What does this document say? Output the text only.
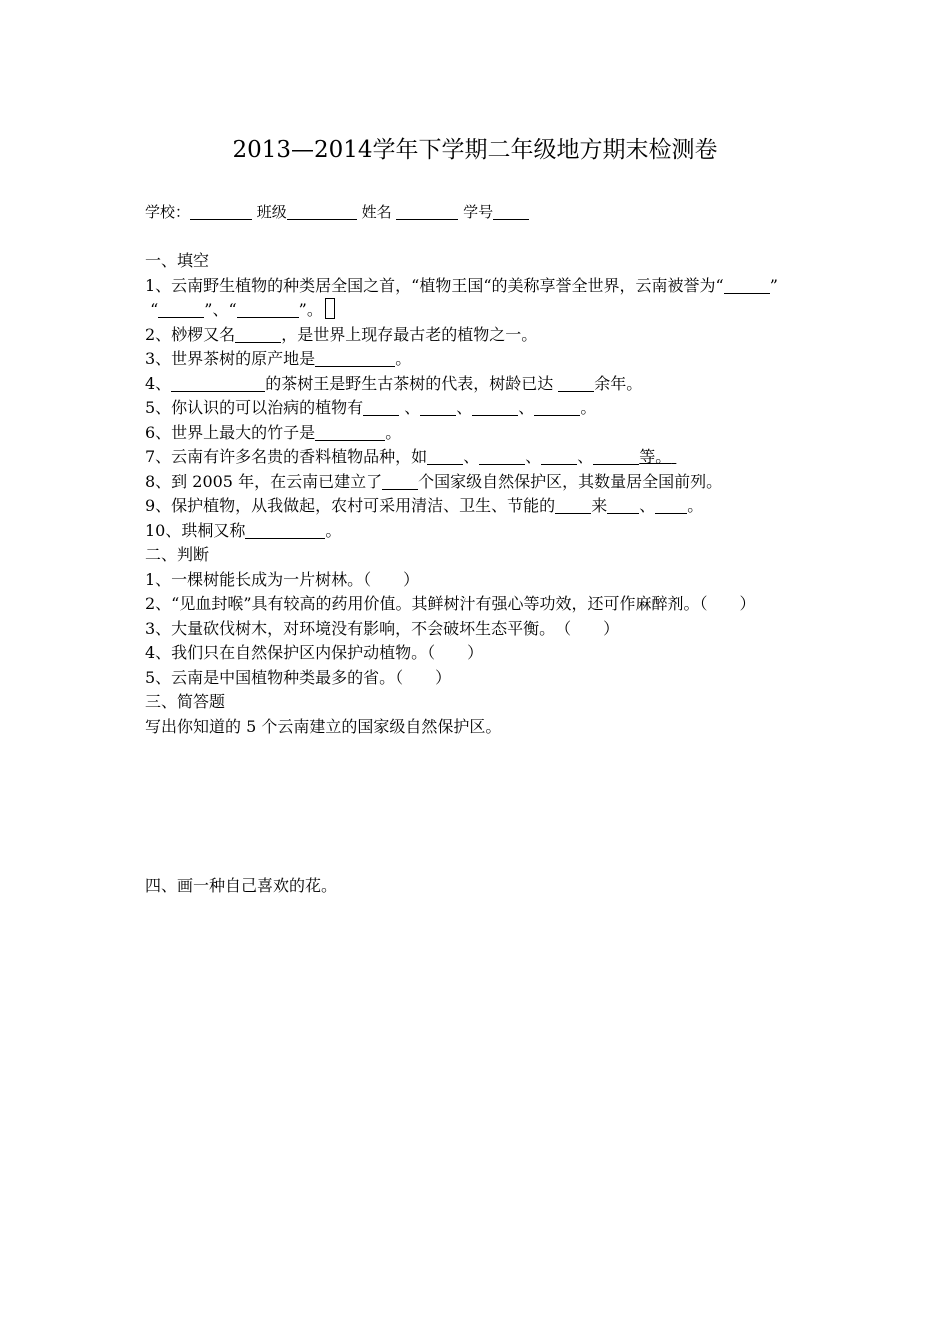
2013—2014学年下学期二年级地方期末检测卷
学校：	班级	姓名	学号
一、填空
1、云南野生植物的种类居全国之首，“植物王国“的美称享誉全世界，云南被誉为“	”
“	”、“	”。
2、桫椤又名	，是世界上现存最古老的植物之一。
3、世界茶树的原产地是	。
4、	的茶树王是野生古茶树的代表，树龄已达 余年。
5、你认识的可以治病的植物有 、 、	、	。
6、世界上最大的竹子是	。
7、云南有许多名贵的香料植物品种，如 、	、 、	等。
8、到 2005 年，在云南已建立了 个国家级自然保护区，其数量居全国前列。
9、保护植物，从我做起，农村可采用清洁、卫生、节能的 来 、 。
10、珙桐又称	。
二、判断
1、一棵树能长成为一片树林。（　　）
2、“见血封喉”具有较高的药用价值。其鲜树汁有强心等功效，还可作麻醉剂。（　　）
3、大量砍伐树木，对环境没有影响，不会破坏生态平衡。　（　　）
4、我们只在自然保护区内保护动植物。（　　）
5、云南是中国植物种类最多的省。（　　）
三、简答题
写出你知道的 5 个云南建立的国家级自然保护区。
四、画一种自己喜欢的花。
